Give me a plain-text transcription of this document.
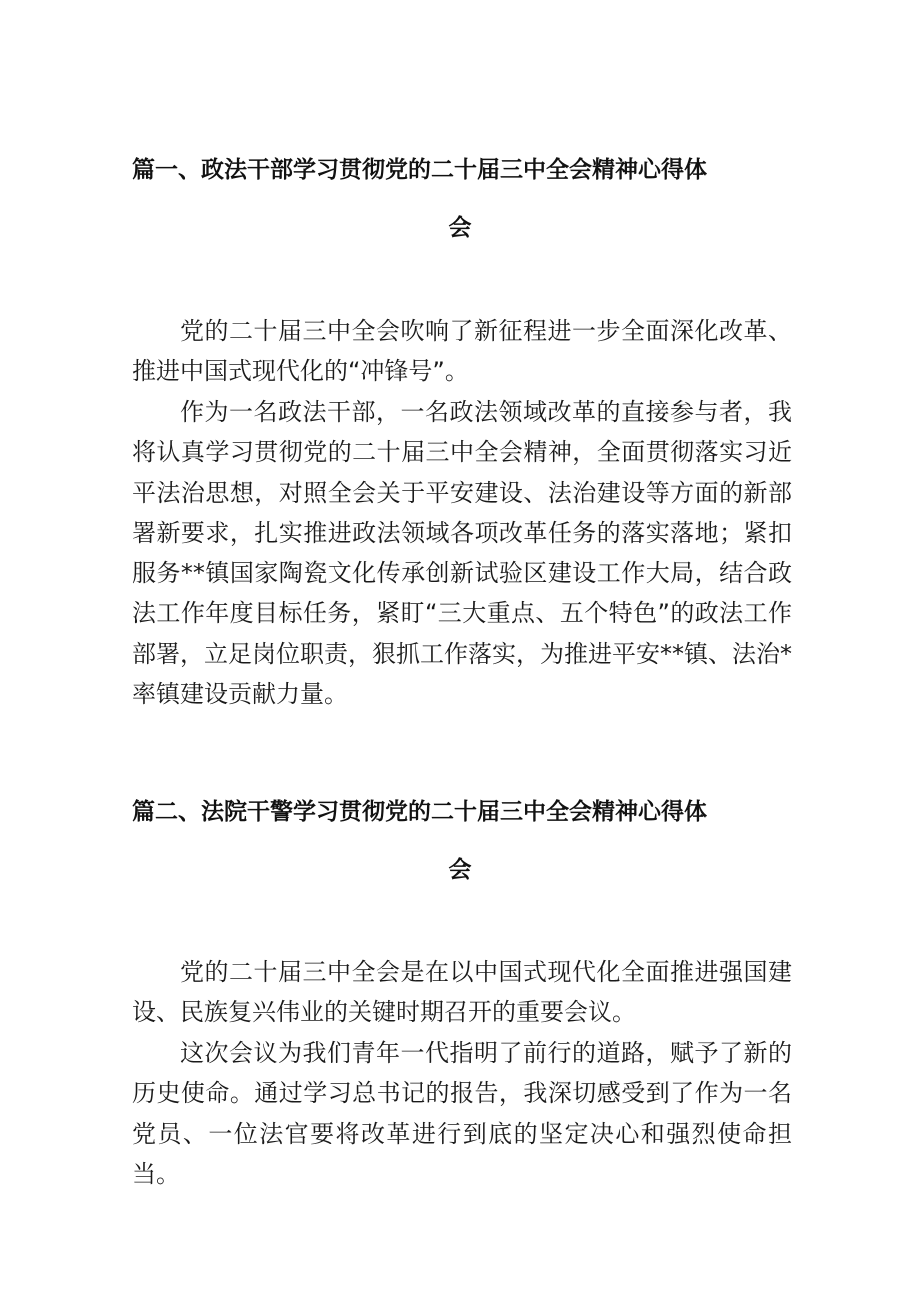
篇一、政法干部学习贯彻党的二十届三中全会精神心得体
会

党的二十届三中全会吹响了新征程进一步全面深化改革、推进中国式现代化的“冲锋号”。

作为一名政法干部，一名政法领域改革的直接参与者，我将认真学习贯彻党的二十届三中全会精神，全面贯彻落实习近平法治思想，对照全会关于平安建设、法治建设等方面的新部署新要求，扎实推进政法领域各项改革任务的落实落地；紧扣服务**镇国家陶瓷文化传承创新试验区建设工作大局，结合政法工作年度目标任务，紧盯“三大重点、五个特色”的政法工作部署，立足岗位职责，狠抓工作落实，为推进平安**镇、法治*率镇建设贡献力量。

篇二、法院干警学习贯彻党的二十届三中全会精神心得体
会

党的二十届三中全会是在以中国式现代化全面推进强国建设、民族复兴伟业的关键时期召开的重要会议。

这次会议为我们青年一代指明了前行的道路，赋予了新的历史使命。通过学习总书记的报告，我深切感受到了作为一名党员、一位法官要将改革进行到底的坚定决心和强烈使命担当。
